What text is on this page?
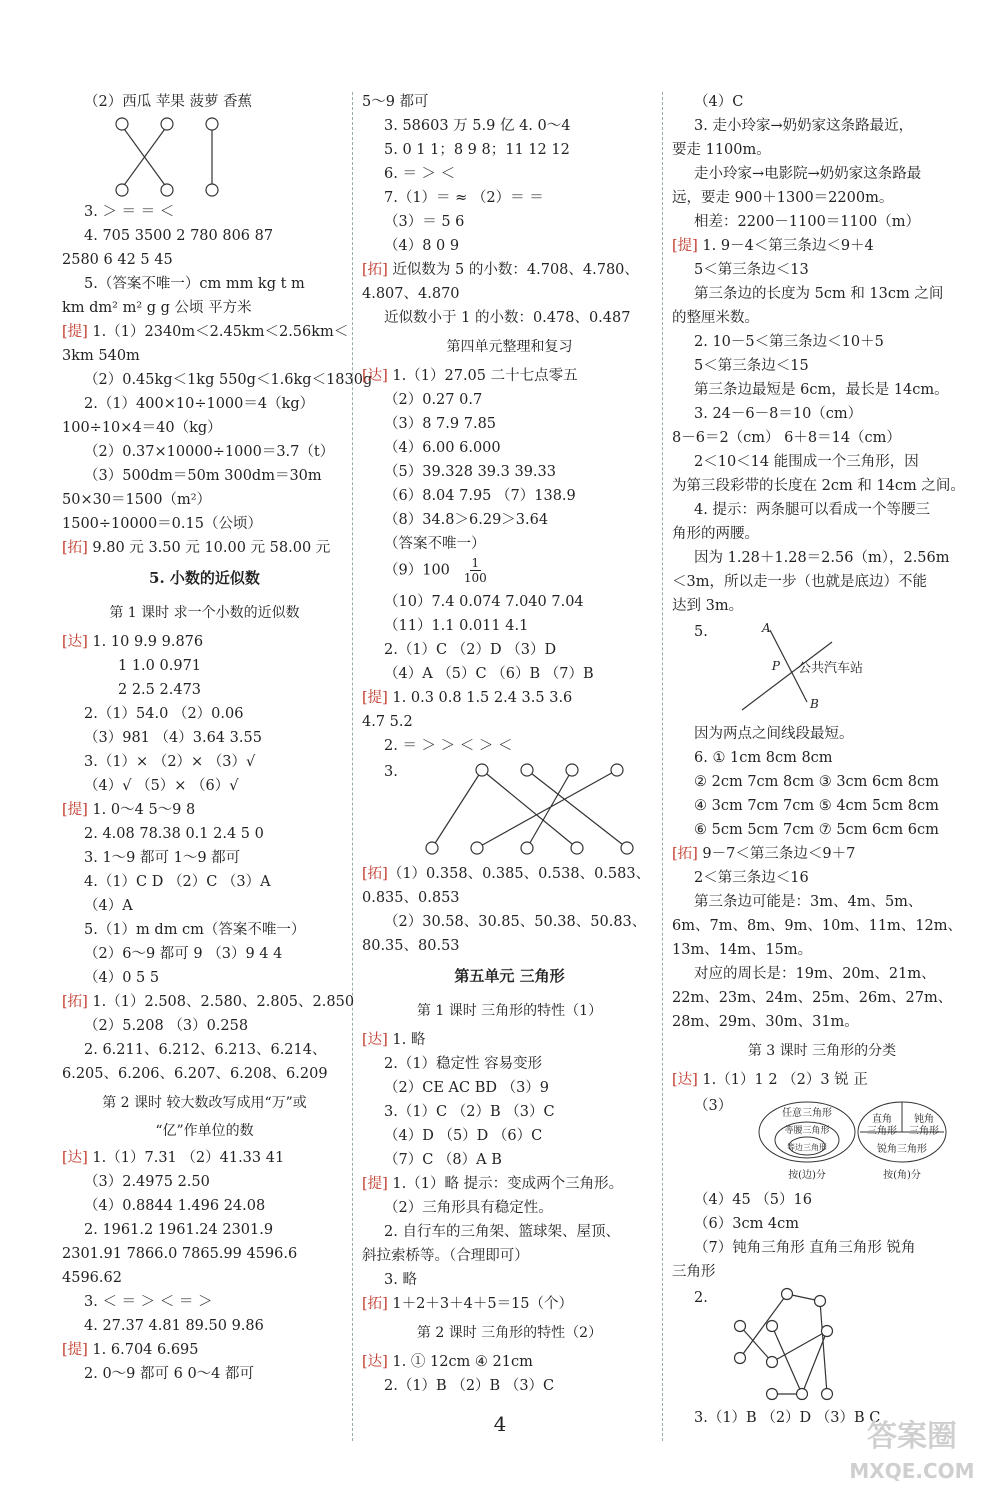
（2）西瓜 苹果 菠萝 香蕉
3. ＞ ＝ ＝ ＜
4. 705 3500 2 780 806 87
2580 6 42 5 45
5.（答案不唯一）cm mm kg t m
km dm² m² g g 公顷 平方米
[提] 1.（1）2340m＜2.45km＜2.56km＜
3km 540m
（2）0.45kg＜1kg 550g＜1.6kg＜1830g
2.（1）400×10÷1000＝4（kg）
100÷10×4＝40（kg）
（2）0.37×10000÷1000＝3.7（t）
（3）500dm＝50m 300dm＝30m
50×30＝1500（m²）
1500÷10000＝0.15（公顷）
[拓] 9.80 元 3.50 元 10.00 元 58.00 元
5. 小数的近似数
第 1 课时 求一个小数的近似数
[达] 1. 10 9.9 9.876
1 1.0 0.971
2 2.5 2.473
2.（1）54.0 （2）0.06
（3）981 （4）3.64 3.55
3.（1）× （2）× （3）√
（4）√ （5）× （6）√
[提] 1. 0～4 5～9 8
2. 4.08 78.38 0.1 2.4 5 0
3. 1～9 都可 1～9 都可
4.（1）C D （2）C （3）A
（4）A
5.（1）m dm cm（答案不唯一）
（2）6～9 都可 9 （3）9 4 4
（4）0 5 5
[拓] 1.（1）2.508、2.580、2.805、2.850
（2）5.208 （3）0.258
2. 6.211、6.212、6.213、6.214、
6.205、6.206、6.207、6.208、6.209
第 2 课时 较大数改写成用“万”或
“亿”作单位的数
[达] 1.（1）7.31 （2）41.33 41
（3）2.4975 2.50
（4）0.8844 1.496 24.08
2. 1961.2 1961.24 2301.9
2301.91 7866.0 7865.99 4596.6
4596.62
3. ＜ ＝ ＞ ＜ ＝ ＞
4. 27.37 4.81 89.50 9.86
[提] 1. 6.704 6.695
2. 0～9 都可 6 0～4 都可
5～9 都可
3. 58603 万 5.9 亿 4. 0～4
5. 0 1 1；8 9 8；11 12 12
6. ＝ ＞ ＜
7.（1）＝ ≈ （2）＝ ＝
（3）＝ 5 6
（4）8 0 9
[拓] 近似数为 5 的小数：4.708、4.780、
4.807、4.870
近似数小于 1 的小数：0.478、0.487
第四单元整理和复习
[达] 1.（1）27.05 二十七点零五
（2）0.27 0.7
（3）8 7.9 7.85
（4）6.00 6.000
（5）39.328 39.3 39.33
（6）8.04 7.95 （7）138.9
（8）34.8＞6.29＞3.64
（答案不唯一）
$(9)100 \frac{1}{100}$
（10）7.4 0.074 7.040 7.04
（11）1.1 0.011 4.1
2.（1）C （2）D （3）D
（4）A （5）C （6）B （7）B
[提] 1. 0.3 0.8 1.5 2.4 3.5 3.6
4.7 5.2
2. ＝ ＞ ＞ ＜ ＞ ＜
3.
[拓]（1）0.358、0.385、0.538、0.583、
0.835、0.853
（2）30.58、30.85、50.38、50.83、
80.35、80.53
第五单元 三角形
第 1 课时 三角形的特性（1）
[达] 1. 略
2.（1）稳定性 容易变形
（2）CE AC BD （3）9
3.（1）C （2）B （3）C
（4）D （5）D （6）C
（7）C （8）A B
[提] 1.（1）略 提示：变成两个三角形。
（2）三角形具有稳定性。
2. 自行车的三角架、篮球架、屋顶、
斜拉索桥等。（合理即可）
3. 略
[拓] 1＋2＋3＋4＋5＝15（个）
第 2 课时 三角形的特性（2）
[达] 1. ① 12cm ④ 21cm
2.（1）B （2）B （3）C
（4）C
3. 走小玲家→奶奶家这条路最近，
要走 1100m。
走小玲家→电影院→奶奶家这条路最
远，要走 900＋1300＝2200m。
相差：2200－1100＝1100（m）
[提] 1. 9－4＜第三条边＜9＋4
5＜第三条边＜13
第三条边的长度为 5cm 和 13cm 之间
的整厘米数。
2. 10－5＜第三条边＜10＋5
5＜第三条边＜15
第三条边最短是 6cm，最长是 14cm。
3. 24－6－8＝10（cm）
8－6＝2（cm） 6＋8＝14（cm）
2＜10＜14 能围成一个三角形，因
为第三段彩带的长度在 2cm 和 14cm 之间。
4. 提示：两条腿可以看成一个等腰三
角形的两腰。
因为 1.28＋1.28＝2.56（m），2.56m
＜3m，所以走一步（也就是底边）不能
达到 3m。
5.	A
B
P 公共汽车站
因为两点之间线段最短。
6. ① 1cm 8cm 8cm
② 2cm 7cm 8cm ③ 3cm 6cm 8cm
④ 3cm 7cm 7cm ⑤ 4cm 5cm 8cm
⑥ 5cm 5cm 7cm ⑦ 5cm 6cm 6cm
[拓] 9－7＜第三条边＜9＋7
2＜第三条边＜16
第三条边可能是：3m、4m、5m、
6m、7m、8m、9m、10m、11m、12m、
13m、14m、15m。
对应的周长是：19m、20m、21m、
22m、23m、24m、25m、26m、27m、
28m、29m、30m、31m。
第 3 课时 三角形的分类
[达] 1.（1）1 2 （2）3 锐 正
（3）	任意三角形
等腰三角形
等边三角形
直角
三角形
钝角
三角形
锐角三角形
按(边)分	按(角)分
（4）45 （5）16
（6）3cm 4cm
（7）钝角三角形 直角三角形 锐角
三角形
2.
3.（1）B （2）D （3）B C
4	答案圈
MXQE.COM
